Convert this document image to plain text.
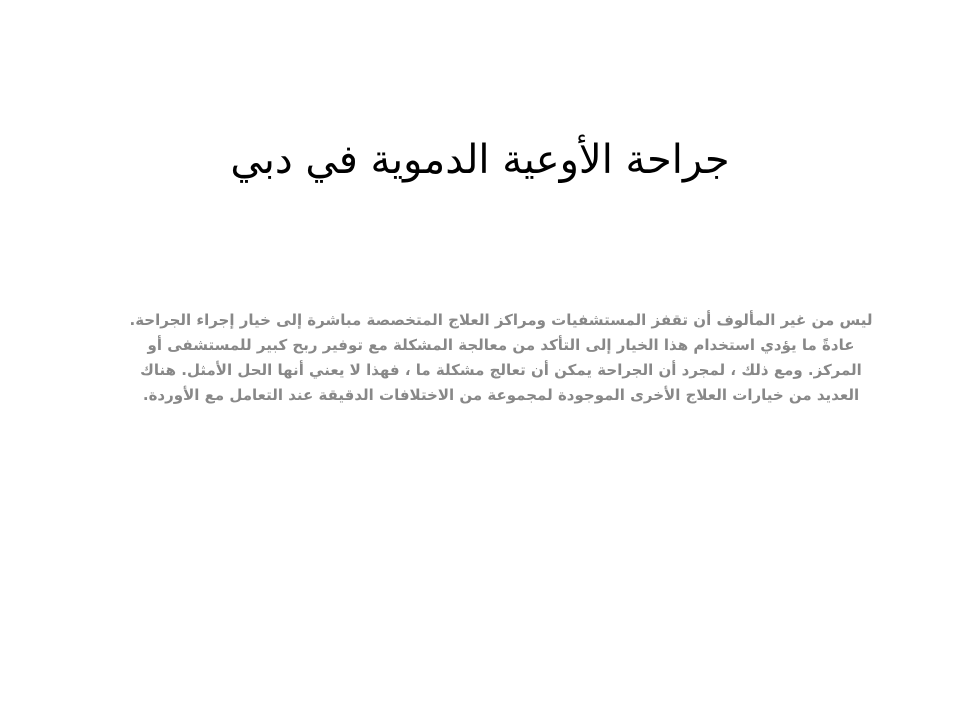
جراحة الأوعية الدموية في دبي

ليس من غير المألوف أن تقفز المستشفيات ومراكز العلاج المتخصصة مباشرة إلى خيار إجراء الجراحة. عادةً ما يؤدي استخدام هذا الخيار إلى التأكد من معالجة المشكلة مع توفير ربح كبير للمستشفى أو المركز. ومع ذلك ، لمجرد أن الجراحة يمكن أن تعالج مشكلة ما ، فهذا لا يعني أنها الحل الأمثل. هناك العديد من خيارات العلاج الأخرى الموجودة لمجموعة من الاختلافات الدقيقة عند التعامل مع الأوردة.
